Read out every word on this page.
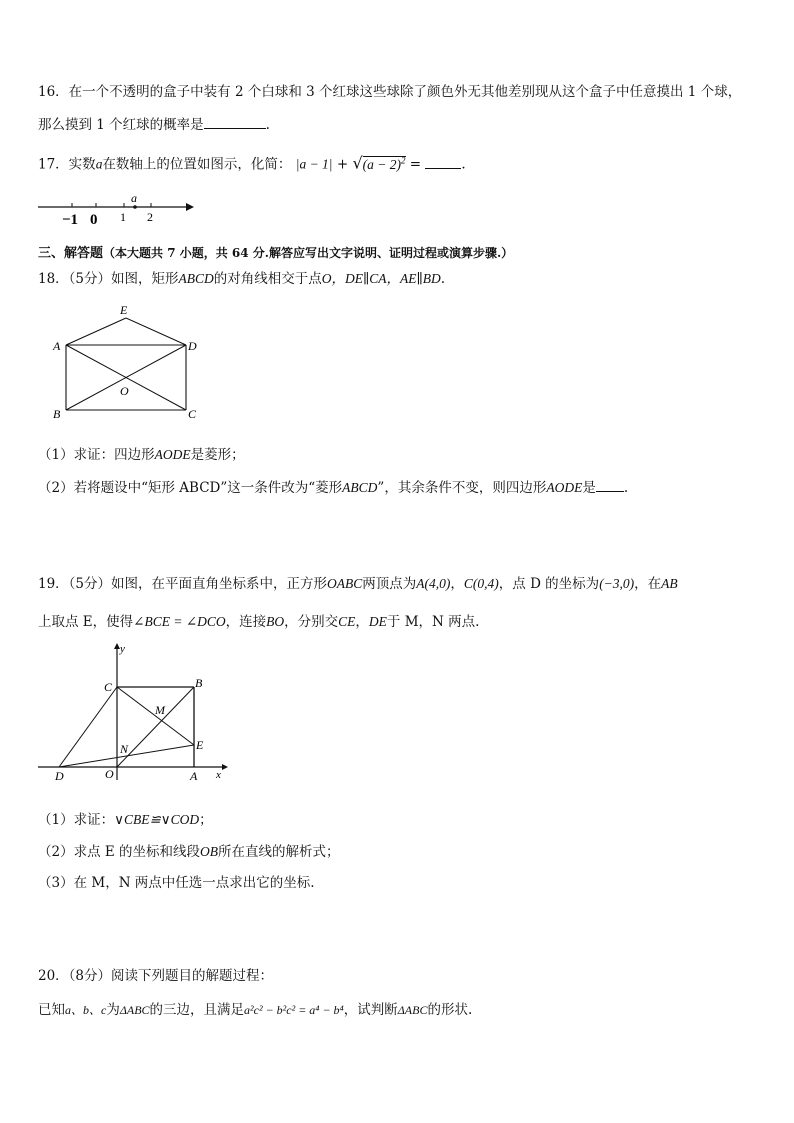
16．在一个不透明的盒子中装有 2 个白球和 3 个红球这些球除了颜色外无其他差别现从这个盒子中任意摸出 1 个球，
那么摸到 1 个红球的概率是	.
17．实数a在数轴上的位置如图示，化简： $|a - 1| + √(a - 2)^2$ =	.
a
−1 0 1 2
三、解答题（本大题共 7 小题，共 64 分.解答应写出文字说明、证明过程或演算步骤.）
18．（5分）如图，矩形ABCD的对角线相交于点O，DE∥CA，AE∥BD.
E
A	D
B	C
O
（1）求证：四边形AODE是菱形；
（2）若将题设中“矩形 ABCD”这一条件改为“菱形ABCD”，其余条件不变，则四边形AODE是 .
19．（5分）如图，在平面直角坐标系中，正方形OABC两顶点为A(4,0)，C(0,4)，点 D 的坐标为(−3,0)，在AB
上取点 E，使得∠BCE = ∠DCO，连接BO，分别交CE，DE于 M，N 两点.
y
x
C	B
M
N	E
D	O	A
（1）求证：∨CBE≌∨COD；
（2）求点 E 的坐标和线段OB所在直线的解析式；
（3）在 M，N 两点中任选一点求出它的坐标.
20．（8分）阅读下列题目的解题过程：
已知a、b、c为ΔABC的三边，且满足a²c² − b²c² = a⁴ − b⁴，试判断ΔABC的形状.
